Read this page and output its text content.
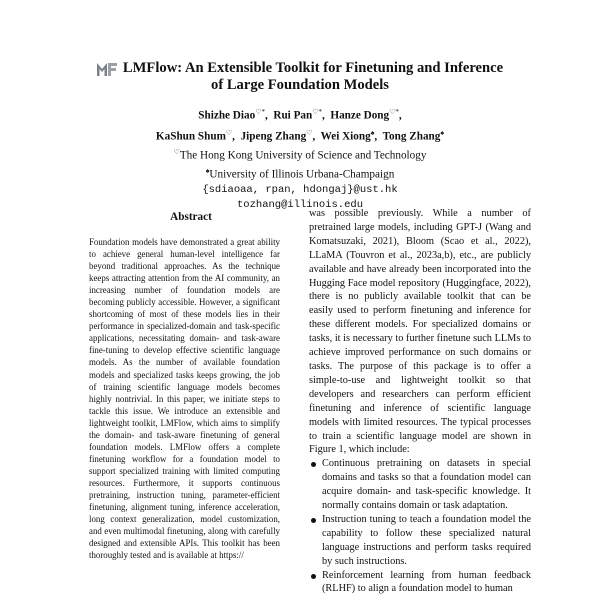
LMFlow: An Extensible Toolkit for Finetuning and Inference
of Large Foundation Models
Shizhe Diao♡*,  Rui Pan♡*,  Hanze Dong♡*,
KaShun Shum♡,  Jipeng Zhang♡,  Wei Xiong♠,  Tong Zhang♠
♡The Hong Kong University of Science and Technology
♠University of Illinois Urbana-Champaign
{sdiaoaa, rpan, hdongaj}@ust.hk
tozhang@illinois.edu
Abstract

Foundation models have demonstrated a great ability to achieve general human-level intelligence far beyond traditional approaches. As the technique keeps attracting attention from the AI community, an increasing number of foundation models are becoming publicly accessible. However, a significant shortcoming of most of these models lies in their performance in specialized-domain and task-specific applications, necessitating domain- and task-aware fine-tuning to develop effective scientific language models. As the number of available foundation models and specialized tasks keeps growing, the job of training scientific language models becomes highly nontrivial. In this paper, we initiate steps to tackle this issue. We introduce an extensible and lightweight toolkit, LMFlow, which aims to simplify the domain- and task-aware finetuning of general foundation models. LMFlow offers a complete finetuning workflow for a foundation model to support specialized training with limited computing resources. Furthermore, it supports continuous pretraining, instruction tuning, parameter-efficient finetuning, alignment tuning, inference acceleration, long context generalization, model customization, and even multimodal finetuning, along with carefully designed and extensible APIs. This toolkit has been thoroughly tested and is available at https://

was possible previously. While a number of pretrained large models, including GPT-J (Wang and Komatsuzaki, 2021), Bloom (Scao et al., 2022), LLaMA (Touvron et al., 2023a,b), etc., are publicly available and have already been incorporated into the Hugging Face model repository (Huggingface, 2022), there is no publicly available toolkit that can be easily used to perform finetuning and inference for these different models. For specialized domains or tasks, it is necessary to further finetune such LLMs to achieve improved performance on such domains or tasks. The purpose of this package is to offer a simple-to-use and lightweight toolkit so that developers and researchers can perform efficient finetuning and inference of scientific language models with limited resources. The typical processes to train a scientific language model are shown in Figure 1, which include:

Continuous pretraining on datasets in special domains and tasks so that a foundation model can acquire domain- and task-specific knowledge. It normally contains domain or task adaptation.
Instruction tuning to teach a foundation model the capability to follow these specialized natural language instructions and perform tasks required by such instructions.
Reinforcement learning from human feedback (RLHF) to align a foundation model to human
